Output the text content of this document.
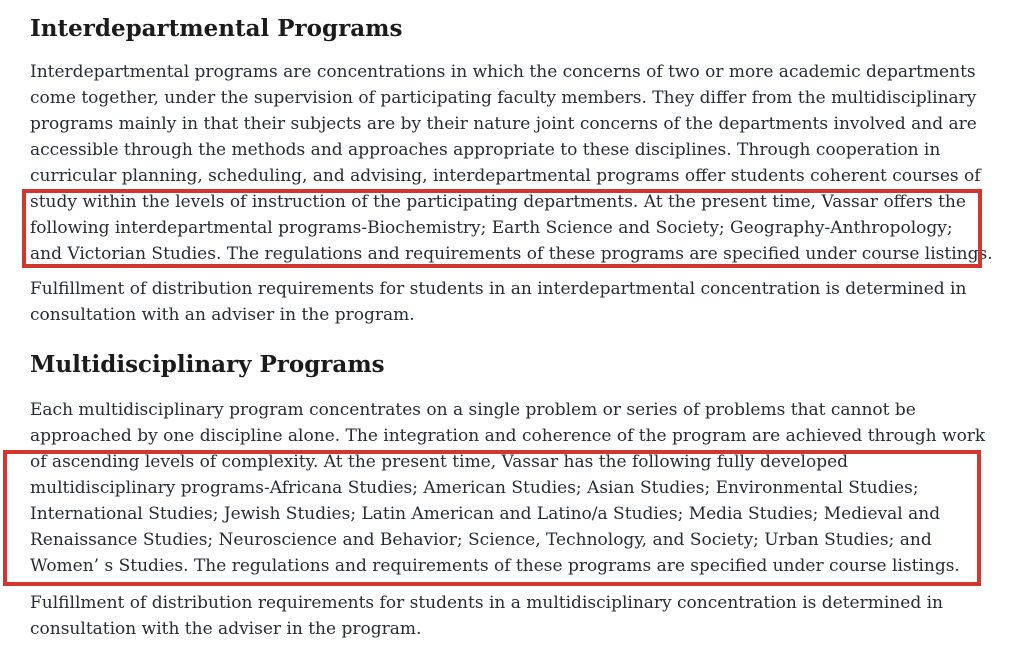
Interdepartmental Programs
Interdepartmental programs are concentrations in which the concerns of two or more academic departments
come together, under the supervision of participating faculty members. They differ from the multidisciplinary
programs mainly in that their subjects are by their nature joint concerns of the departments involved and are
accessible through the methods and approaches appropriate to these disciplines. Through cooperation in
curricular planning, scheduling, and advising, interdepartmental programs offer students coherent courses of
study within the levels of instruction of the participating departments. At the present time, Vassar offers the
following interdepartmental programs-Biochemistry; Earth Science and Society; Geography-Anthropology;
and Victorian Studies. The regulations and requirements of these programs are specified under course listings.
Fulfillment of distribution requirements for students in an interdepartmental concentration is determined in
consultation with an adviser in the program.
Multidisciplinary Programs
Each multidisciplinary program concentrates on a single problem or series of problems that cannot be
approached by one discipline alone. The integration and coherence of the program are achieved through work
of ascending levels of complexity. At the present time, Vassar has the following fully developed
multidisciplinary programs-Africana Studies; American Studies; Asian Studies; Environmental Studies;
International Studies; Jewish Studies; Latin American and Latino/a Studies; Media Studies; Medieval and
Renaissance Studies; Neuroscience and Behavior; Science, Technology, and Society; Urban Studies; and
Women’ s Studies. The regulations and requirements of these programs are specified under course listings.
Fulfillment of distribution requirements for students in a multidisciplinary concentration is determined in
consultation with the adviser in the program.
